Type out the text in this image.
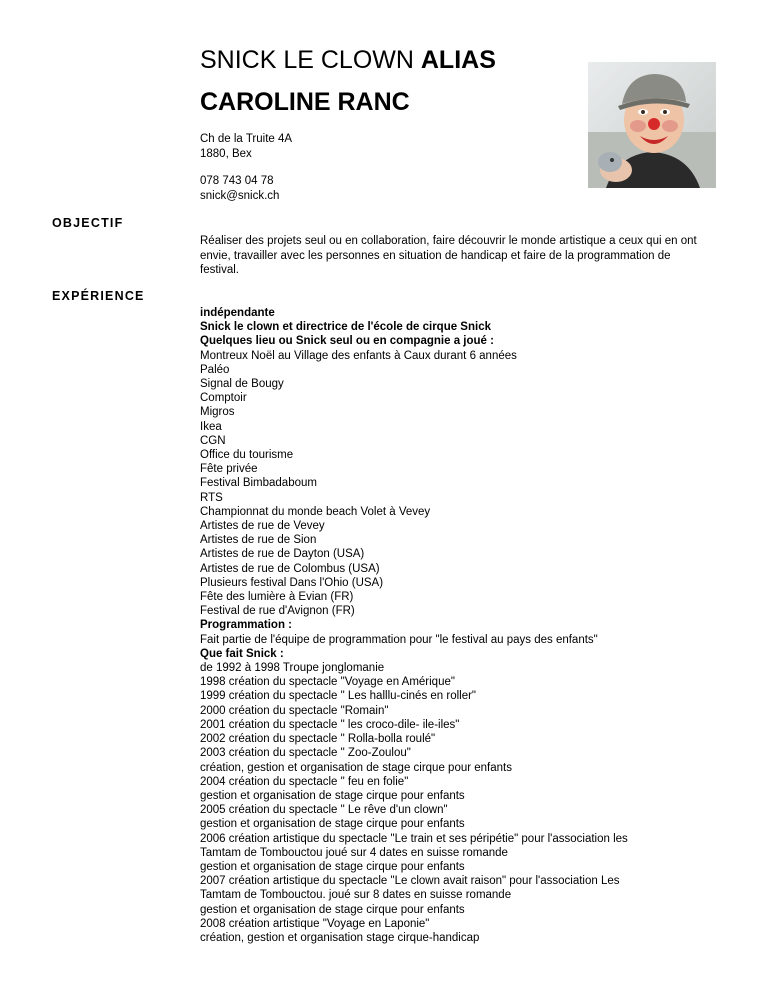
SNICK LE CLOWN ALIAS
CAROLINE RANC
Ch de la Truite 4A
1880, Bex
078 743 04 78
snick@snick.ch
OBJECTIF
Réaliser des projets seul ou en collaboration, faire découvrir le monde artistique a ceux qui en ont envie, travailler avec les personnes en situation de handicap et faire de la programmation de festival.
EXPÉRIENCE
indépendante
Snick le clown et directrice de l'école de cirque Snick
Quelques lieu ou Snick seul ou en compagnie a joué :
Montreux Noël au Village des enfants à Caux durant 6 années
Paléo
Signal de Bougy
Comptoir
Migros
Ikea
CGN
Office du tourisme
Fête privée
Festival Bimbadaboum
RTS
Championnat du monde beach Volet à Vevey
Artistes de rue de Vevey
Artistes de rue de Sion
Artistes de rue de Dayton (USA)
Artistes de rue de Colombus (USA)
Plusieurs festival Dans l'Ohio (USA)
Fête des lumière à Evian (FR)
Festival de rue d'Avignon (FR)
Programmation :
Fait partie de l'équipe de programmation pour "le festival au pays des enfants"
Que fait Snick :
de 1992 à 1998 Troupe jonglomanie
1998 création du spectacle "Voyage en Amérique"
1999 création du spectacle " Les halllu-cinés en roller"
2000 création du spectacle "Romain"
2001 création du spectacle " les croco-dile- ile-iles"
2002 création du spectacle " Rolla-bolla roulé"
2003 création du spectacle " Zoo-Zoulou"
création, gestion et organisation de stage cirque pour enfants
2004 création du spectacle " feu en folie"
gestion et organisation de stage cirque pour enfants
2005 création du spectacle " Le rêve d'un clown"
gestion et organisation de stage cirque pour enfants
2006 création artistique du spectacle "Le train et ses péripétie" pour l'association les
Tamtam de Tombouctou joué sur 4 dates en suisse romande
gestion et organisation de stage cirque pour enfants
2007 création artistique du spectacle "Le clown avait raison" pour l'association Les
Tamtam de Tombouctou. joué sur 8 dates en suisse romande
gestion et organisation de stage cirque pour enfants
2008 création artistique "Voyage en Laponie"
création, gestion et organisation stage cirque-handicap
